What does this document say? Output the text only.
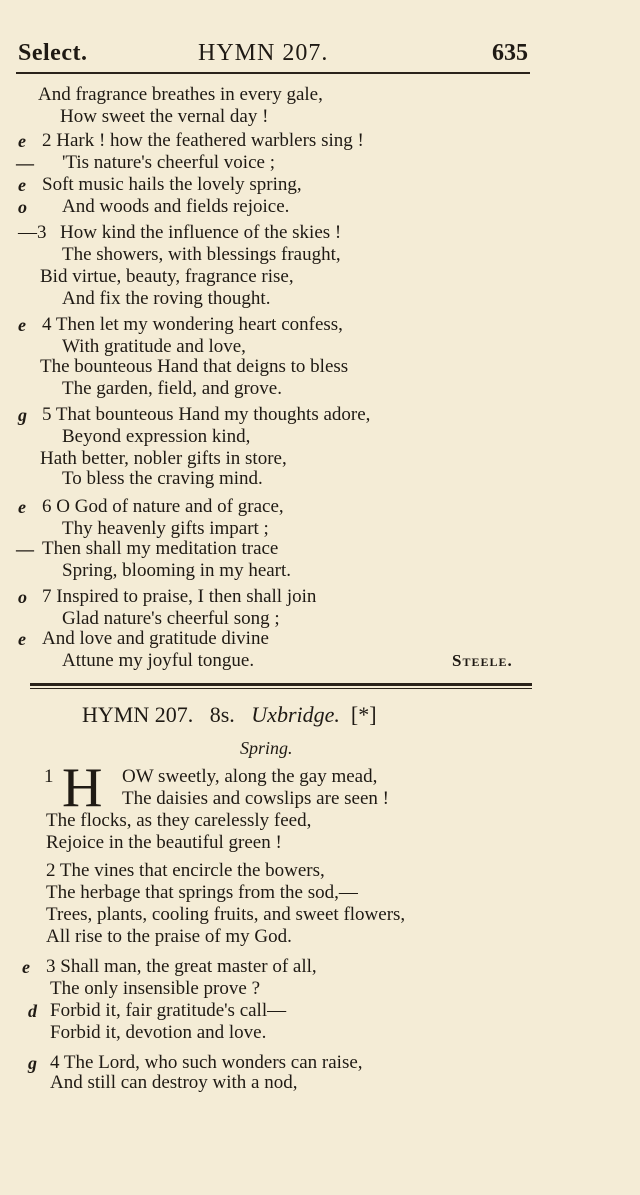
Select.	HYMN 207.	635
And fragrance breathes in every gale,
How sweet the vernal day !
e 2 Hark ! how the feathered warblers sing !
— 'Tis nature's cheerful voice ;
e Soft music hails the lovely spring,
o And woods and fields rejoice.
—3 How kind the influence of the skies !
The showers, with blessings fraught,
Bid virtue, beauty, fragrance rise,
And fix the roving thought.
e 4 Then let my wondering heart confess,
With gratitude and love,
The bounteous Hand that deigns to bless
The garden, field, and grove.
g 5 That bounteous Hand my thoughts adore,
Beyond expression kind,
Hath better, nobler gifts in store,
To bless the craving mind.
e 6 O God of nature and of grace,
Thy heavenly gifts impart ;
— Then shall my meditation trace
Spring, blooming in my heart.
o 7 Inspired to praise, I then shall join
Glad nature's cheerful song ;
e And love and gratitude divine
Attune my joyful tongue.	Steele.
HYMN 207. 8s. Uxbridge. [*]
Spring.
1 H OW sweetly, along the gay mead,
The daisies and cowslips are seen !
The flocks, as they carelessly feed,
Rejoice in the beautiful green !
2 The vines that encircle the bowers,
The herbage that springs from the sod,—
Trees, plants, cooling fruits, and sweet flowers,
All rise to the praise of my God.
e 3 Shall man, the great master of all,
The only insensible prove ?
d Forbid it, fair gratitude's call—
Forbid it, devotion and love.
g 4 The Lord, who such wonders can raise,
And still can destroy with a nod,
